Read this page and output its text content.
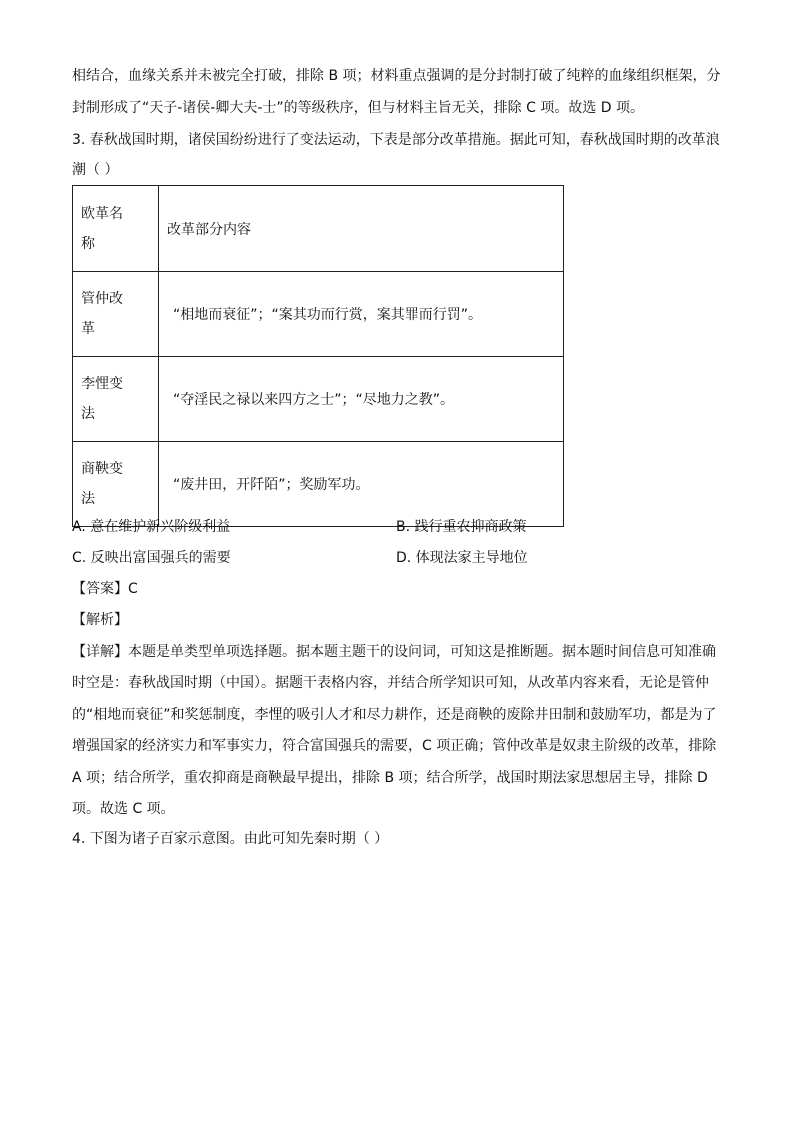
相结合，血缘关系并未被完全打破，排除 B 项；材料重点强调的是分封制打破了纯粹的血缘组织框架，分
封制形成了“天子-诸侯-卿大夫-士”的等级秩序，但与材料主旨无关，排除 C 项。故选 D 项。
3. 春秋战国时期，诸侯国纷纷进行了变法运动，下表是部分改革措施。据此可知，春秋战国时期的改革浪
潮（ ）
欧革名
称	改革部分内容

管仲改
革	“相地而衰征”；“案其功而行赏，案其罪而行罚”。

李悝变
法	“夺淫民之禄以来四方之士”；“尽地力之教”。

商鞅变
法	“废井田，开阡陌”；奖励军功。
A. 意在维护新兴阶级利益	B. 践行重农抑商政策
C. 反映出富国强兵的需要	D. 体现法家主导地位
【答案】C
【解析】
【详解】本题是单类型单项选择题。据本题主题干的设问词，可知这是推断题。据本题时间信息可知准确
时空是：春秋战国时期（中国）。据题干表格内容，并结合所学知识可知，从改革内容来看，无论是管仲
的“相地而衰征”和奖惩制度，李悝的吸引人才和尽力耕作，还是商鞅的废除井田制和鼓励军功，都是为了
增强国家的经济实力和军事实力，符合富国强兵的需要，C 项正确；管仲改革是奴隶主阶级的改革，排除
A 项；结合所学，重农抑商是商鞅最早提出，排除 B 项；结合所学，战国时期法家思想居主导，排除 D
项。故选 C 项。
4. 下图为诸子百家示意图。由此可知先秦时期（ ）
